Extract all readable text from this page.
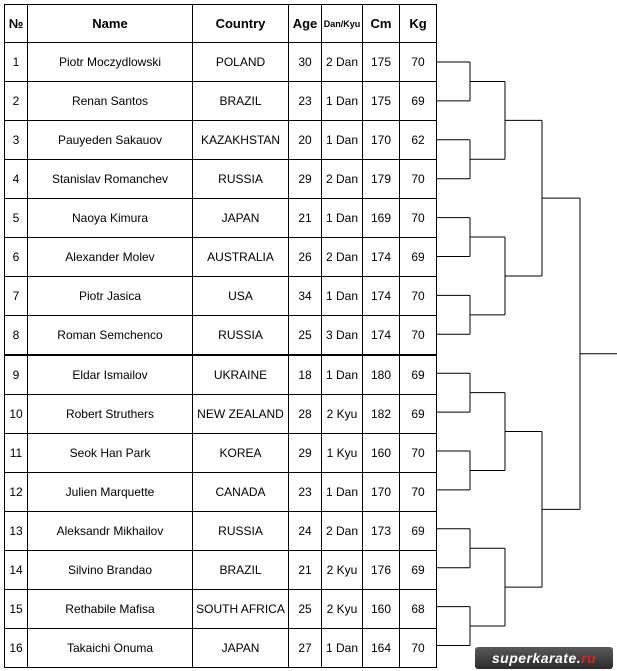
№	Name	Country	Age	Dan/Kyu	Cm	Kg
1	Piotr Moczydlowski	POLAND	30	2 Dan	175	70
2	Renan Santos	BRAZIL	23	1 Dan	175	69
3	Pauyeden Sakauov	KAZAKHSTAN	20	1 Dan	170	62
4	Stanislav Romanchev	RUSSIA	29	2 Dan	179	70
5	Naoya Kimura	JAPAN	21	1 Dan	169	70
6	Alexander Molev	AUSTRALIA	26	2 Dan	174	69
7	Piotr Jasica	USA	34	1 Dan	174	70
8	Roman Semchenco	RUSSIA	25	3 Dan	174	70
9	Eldar Ismailov	UKRAINE	18	1 Dan	180	69
10	Robert Struthers	NEW ZEALAND	28	2 Kyu	182	69
11	Seok Han Park	KOREA	29	1 Kyu	160	70
12	Julien Marquette	CANADA	23	1 Dan	170	70
13	Aleksandr Mikhailov	RUSSIA	24	2 Dan	173	69
14	Silvino Brandao	BRAZIL	21	2 Kyu	176	69
15	Rethabile Mafisa	SOUTH AFRICA	25	2 Kyu	160	68
16	Takaichi Onuma	JAPAN	27	1 Dan	164	70
superkarate.ru
